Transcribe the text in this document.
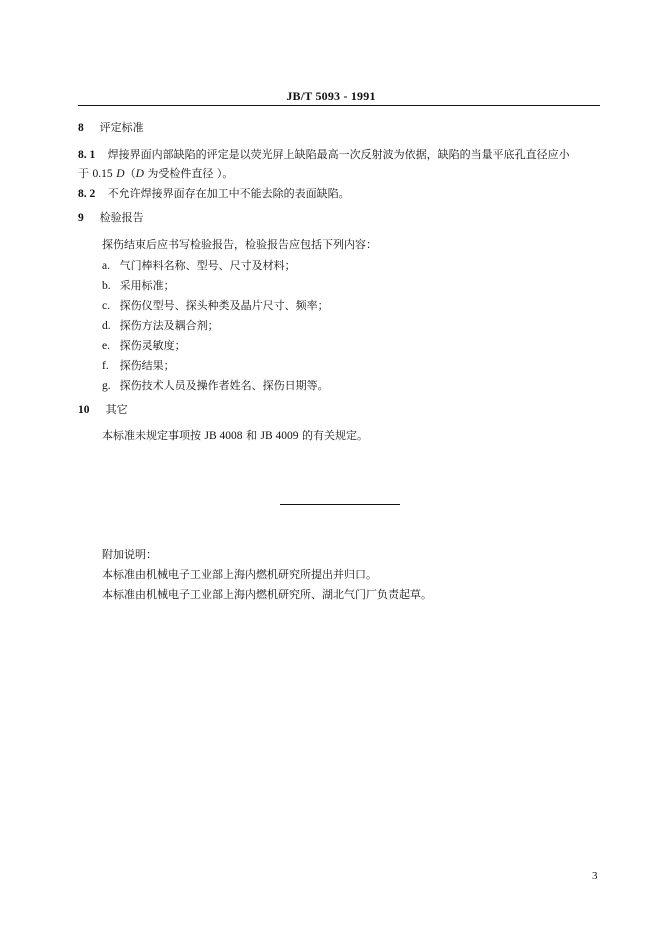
JB/T 5093 - 1991
8 评定标准
8. 1 焊接界面内部缺陷的评定是以荧光屏上缺陷最高一次反射波为依据，缺陷的当量平底孔直径应小
于 0.15 D（D 为受检件直径 ）。
8. 2 不允许焊接界面存在加工中不能去除的表面缺陷。
9 检验报告
探伤结束后应书写检验报告，检验报告应包括下列内容：
a. 气门棒料名称、型号、尺寸及材料；
b. 采用标准；
c. 探伤仪型号、探头种类及晶片尺寸、频率；
d. 探伤方法及耦合剂；
e. 探伤灵敏度；
f. 探伤结果；
g. 探伤技术人员及操作者姓名、探伤日期等。
10 其它
本标准未规定事项按 JB 4008 和 JB 4009 的有关规定。
附加说明：
本标准由机械电子工业部上海内燃机研究所提出并归口。
本标准由机械电子工业部上海内燃机研究所、湖北气门厂负责起草。
3
